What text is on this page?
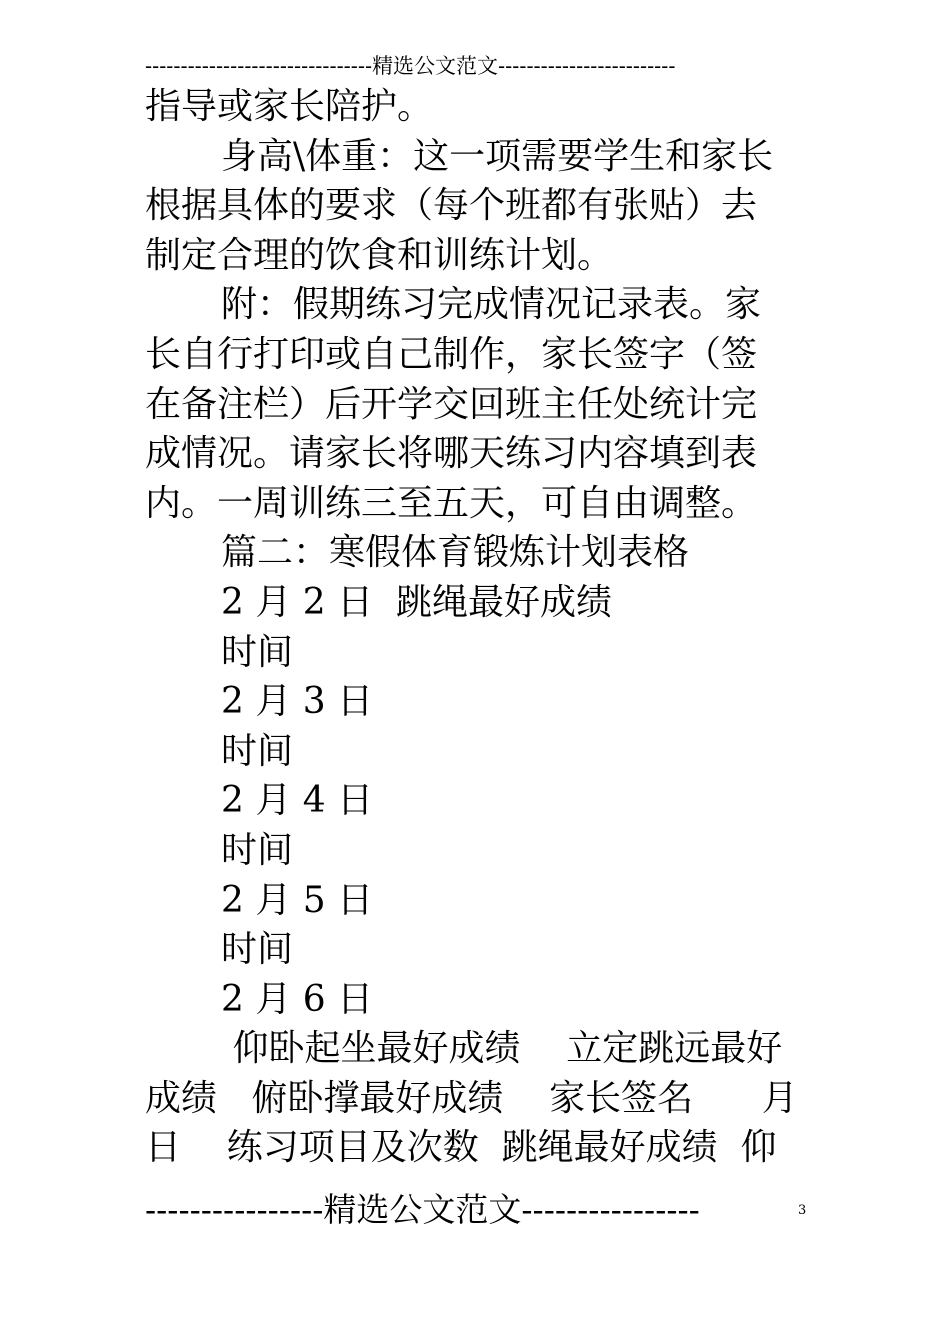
--------------------------------精选公文范文-------------------------
指导或家长陪护。
身高\体重：这一项需要学生和家长
根据具体的要求（每个班都有张贴）去
制定合理的饮食和训练计划。
附：假期练习完成情况记录表。家
长自行打印或自己制作，家长签字（签
在备注栏）后开学交回班主任处统计完
成情况。请家长将哪天练习内容填到表
内。一周训练三至五天，可自由调整。
篇二：寒假体育锻炼计划表格
2 月 2 日  跳绳最好成绩
时间
2 月 3 日
时间
2 月 4 日
时间
2 月 5 日
时间
2 月 6 日
仰卧起坐最好成绩    立定跳远最好
成绩   俯卧撑最好成绩    家长签名      月
日    练习项目及次数  跳绳最好成绩  仰
----------------精选公文范文----------------	3
